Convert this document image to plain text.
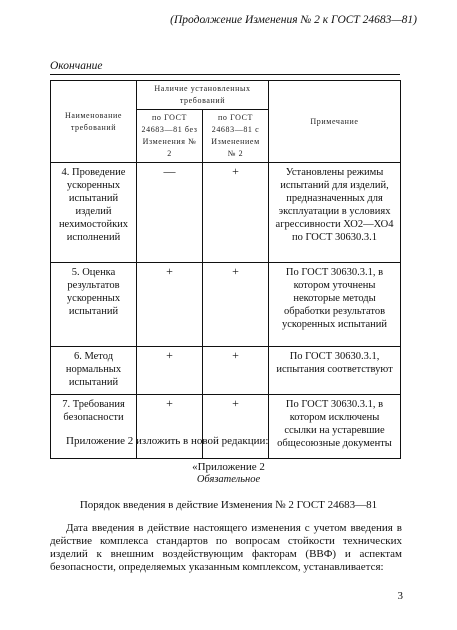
(Продолжение Изменения № 2 к ГОСТ 24683—81)
Окончание
Наименование требований	Наличие установленных требований		Примечание
	по ГОСТ 24683—81 без Изменения № 2	по ГОСТ 24683—81 с Изменением № 2	
4. Проведение ускоренных испытаний изделий нехимостойких исполнений	—	+	Установлены режимы испытаний для изделий, предназначенных для эксплуатации в условиях агрессивности ХО2—ХО4 по ГОСТ 30630.3.1
5. Оценка результатов ускоренных испытаний	+	+	По ГОСТ 30630.3.1, в котором уточнены некоторые методы обработки результатов ускоренных испытаний
6. Метод нормальных испытаний	+	+	По ГОСТ 30630.3.1, испытания соответствуют
7. Требования безопасности	+	+	По ГОСТ 30630.3.1, в котором исключены ссылки на устаревшие общесоюзные документы
Приложение 2 изложить в новой редакции:
«Приложение 2
Обязательное
Порядок введения в действие Изменения № 2 ГОСТ 24683—81
Дата введения в действие настоящего изменения с учетом введения в действие комплекса стандартов по вопросам стойкости технических изделий к внешним воздействующим факторам (ВВФ) и аспектам безопасности, определяемых указанным комплексом, устанавливается:
3
